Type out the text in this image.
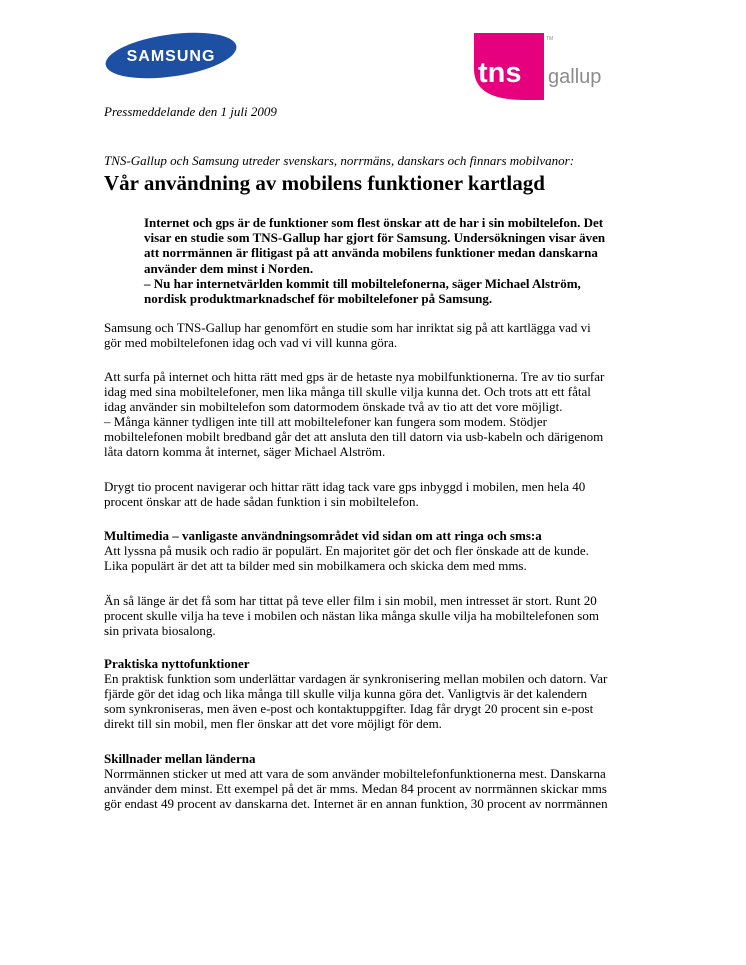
SAMSUNG
tns
TM
gallup

Pressmeddelande den 1 juli 2009

TNS-Gallup och Samsung utreder svenskars, norrmäns, danskars och finnars mobilvanor:

Vår användning av mobilens funktioner kartlagd
Internet och gps är de funktioner som flest önskar att de har i sin mobiltelefon. Det
visar en studie som TNS-Gallup har gjort för Samsung. Undersökningen visar även
att norrmännen är flitigast på att använda mobilens funktioner medan danskarna
använder dem minst i Norden.
– Nu har internetvärlden kommit till mobiltelefonerna, säger Michael Alström,
nordisk produktmarknadschef för mobiltelefoner på Samsung.
Samsung och TNS-Gallup har genomfört en studie som har inriktat sig på att kartlägga vad vi
gör med mobiltelefonen idag och vad vi vill kunna göra.
Att surfa på internet och hitta rätt med gps är de hetaste nya mobilfunktionerna. Tre av tio surfar
idag med sina mobiltelefoner, men lika många till skulle vilja kunna det. Och trots att ett fåtal
idag använder sin mobiltelefon som datormodem önskade två av tio att det vore möjligt.
– Många känner tydligen inte till att mobiltelefoner kan fungera som modem. Stödjer
mobiltelefonen mobilt bredband går det att ansluta den till datorn via usb-kabeln och därigenom
låta datorn komma åt internet, säger Michael Alström.
Drygt tio procent navigerar och hittar rätt idag tack vare gps inbyggd i mobilen, men hela 40
procent önskar att de hade sådan funktion i sin mobiltelefon.
Multimedia – vanligaste användningsområdet vid sidan om att ringa och sms:a
Att lyssna på musik och radio är populärt. En majoritet gör det och fler önskade att de kunde.
Lika populärt är det att ta bilder med sin mobilkamera och skicka dem med mms.
Än så länge är det få som har tittat på teve eller film i sin mobil, men intresset är stort. Runt 20
procent skulle vilja ha teve i mobilen och nästan lika många skulle vilja ha mobiltelefonen som
sin privata biosalong.
Praktiska nyttofunktioner
En praktisk funktion som underlättar vardagen är synkronisering mellan mobilen och datorn. Var
fjärde gör det idag och lika många till skulle vilja kunna göra det. Vanligtvis är det kalendern
som synkroniseras, men även e-post och kontaktuppgifter. Idag får drygt 20 procent sin e-post
direkt till sin mobil, men fler önskar att det vore möjligt för dem.
Skillnader mellan länderna
Norrmännen sticker ut med att vara de som använder mobiltelefonfunktionerna mest. Danskarna
använder dem minst. Ett exempel på det är mms. Medan 84 procent av norrmännen skickar mms
gör endast 49 procent av danskarna det. Internet är en annan funktion, 30 procent av norrmännen
